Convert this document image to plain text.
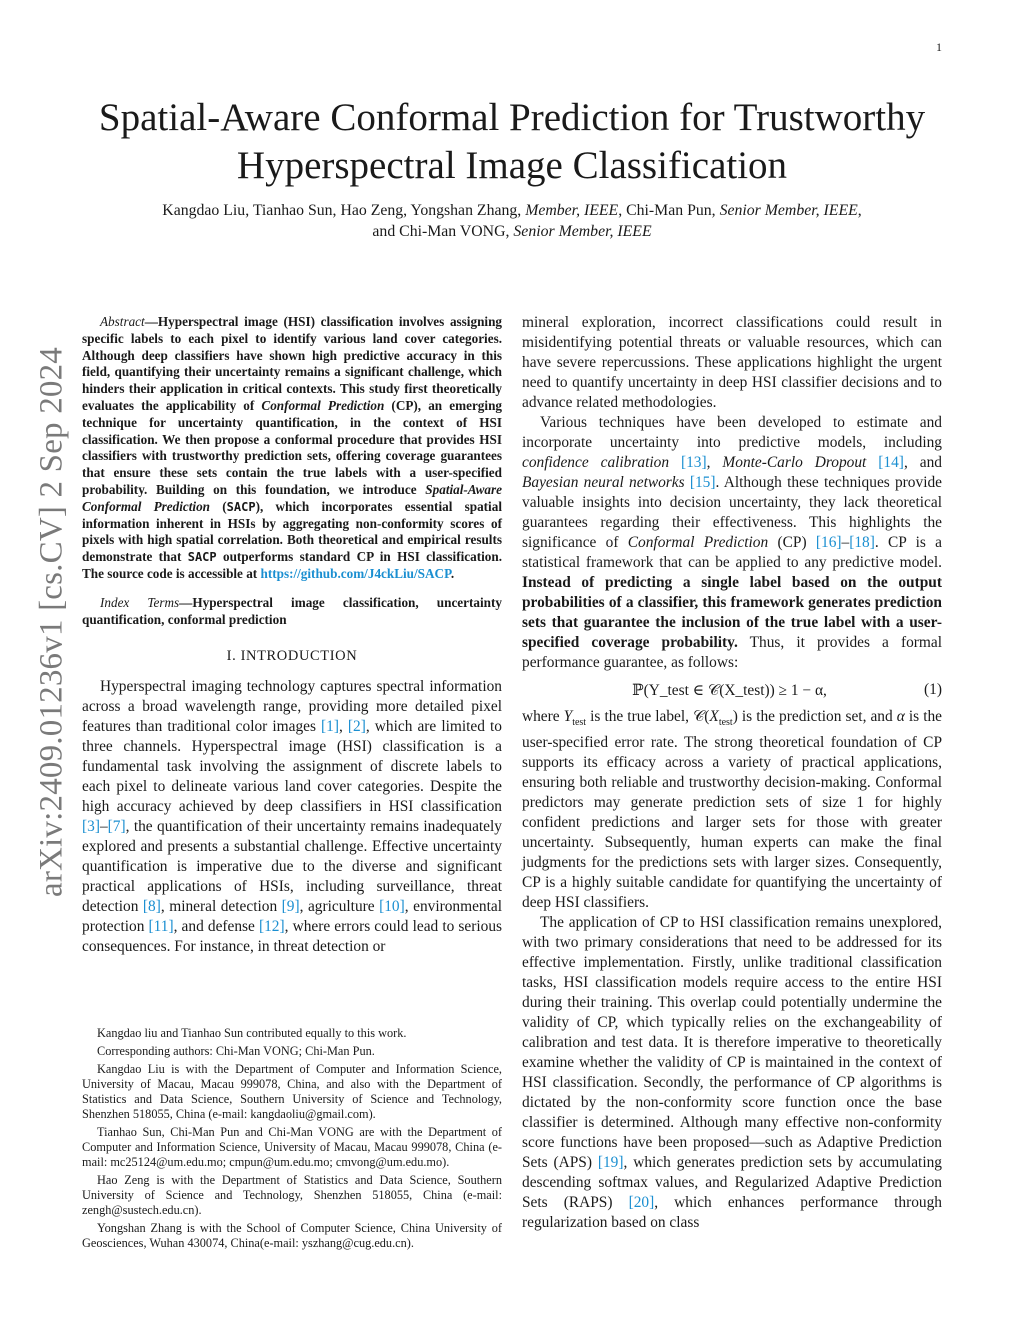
1
arXiv:2409.01236v1 [cs.CV] 2 Sep 2024
Spatial-Aware Conformal Prediction for Trustworthy
Hyperspectral Image Classification
Kangdao Liu, Tianhao Sun, Hao Zeng, Yongshan Zhang, Member, IEEE, Chi-Man Pun, Senior Member, IEEE,
and Chi-Man VONG, Senior Member, IEEE

Abstract—Hyperspectral image (HSI) classification involves assigning specific labels to each pixel to identify various land cover categories. Although deep classifiers have shown high predictive accuracy in this field, quantifying their uncertainty remains a significant challenge, which hinders their application in critical contexts. This study first theoretically evaluates the applicability of Conformal Prediction (CP), an emerging technique for uncertainty quantification, in the context of HSI classification. We then propose a conformal procedure that provides HSI classifiers with trustworthy prediction sets, offering coverage guarantees that ensure these sets contain the true labels with a user-specified probability. Building on this foundation, we introduce Spatial-Aware Conformal Prediction (SACP), which incorporates essential spatial information inherent in HSIs by aggregating non-conformity scores of pixels with high spatial correlation. Both theoretical and empirical results demonstrate that SACP outperforms standard CP in HSI classification. The source code is accessible at https://github.com/J4ckLiu/SACP.

Index Terms—Hyperspectral image classification, uncertainty quantification, conformal prediction

I. INTRODUCTION

Hyperspectral imaging technology captures spectral information across a broad wavelength range, providing more detailed pixel features than traditional color images [1], [2], which are limited to three channels. Hyperspectral image (HSI) classification is a fundamental task involving the assignment of discrete labels to each pixel to delineate various land cover categories. Despite the high accuracy achieved by deep classifiers in HSI classification [3]–[7], the quantification of their uncertainty remains inadequately explored and presents a substantial challenge. Effective uncertainty quantification is imperative due to the diverse and significant practical applications of HSIs, including surveillance, threat detection [8], mineral detection [9], agriculture [10], environmental protection [11], and defense [12], where errors could lead to serious consequences. For instance, in threat detection or

Kangdao liu and Tianhao Sun contributed equally to this work.

Corresponding authors: Chi-Man VONG; Chi-Man Pun.

Kangdao Liu is with the Department of Computer and Information Science, University of Macau, Macau 999078, China, and also with the Department of Statistics and Data Science, Southern University of Science and Technology, Shenzhen 518055, China (e-mail: kangdaoliu@gmail.com).

Tianhao Sun, Chi-Man Pun and Chi-Man VONG are with the Department of Computer and Information Science, University of Macau, Macau 999078, China (e-mail: mc25124@um.edu.mo; cmpun@um.edu.mo; cmvong@um.edu.mo).

Hao Zeng is with the Department of Statistics and Data Science, Southern University of Science and Technology, Shenzhen 518055, China (e-mail: zengh@sustech.edu.cn).

Yongshan Zhang is with the School of Computer Science, China University of Geosciences, Wuhan 430074, China(e-mail: yszhang@cug.edu.cn).

mineral exploration, incorrect classifications could result in misidentifying potential threats or valuable resources, which can have severe repercussions. These applications highlight the urgent need to quantify uncertainty in deep HSI classifier decisions and to advance related methodologies.

Various techniques have been developed to estimate and incorporate uncertainty into predictive models, including confidence calibration [13], Monte-Carlo Dropout [14], and Bayesian neural networks [15]. Although these techniques provide valuable insights into decision uncertainty, they lack theoretical guarantees regarding their effectiveness. This highlights the significance of Conformal Prediction (CP) [16]–[18]. CP is a statistical framework that can be applied to any predictive model. Instead of predicting a single label based on the output probabilities of a classifier, this framework generates prediction sets that guarantee the inclusion of the true label with a user-specified coverage probability. Thus, it provides a formal performance guarantee, as follows:

ℙ(Y_test ∈ 𝒞(X_test)) ≥ 1 − α,	(1)

where $Y_{test}$ is the true label, $𝒞(X_{test})$ is the prediction set, and α is the user-specified error rate. The strong theoretical foundation of CP supports its efficacy across a variety of practical applications, ensuring both reliable and trustworthy decision-making. Conformal predictors may generate prediction sets of size 1 for highly confident predictions and larger sets for those with greater uncertainty. Subsequently, human experts can make the final judgments for the predictions sets with larger sizes. Consequently, CP is a highly suitable candidate for quantifying the uncertainty of deep HSI classifiers.

The application of CP to HSI classification remains unexplored, with two primary considerations that need to be addressed for its effective implementation. Firstly, unlike traditional classification tasks, HSI classification models require access to the entire HSI during their training. This overlap could potentially undermine the validity of CP, which typically relies on the exchangeability of calibration and test data. It is therefore imperative to theoretically examine whether the validity of CP is maintained in the context of HSI classification. Secondly, the performance of CP algorithms is dictated by the non-conformity score function once the base classifier is determined. Although many effective non-conformity score functions have been proposed—such as Adaptive Prediction Sets (APS) [19], which generates prediction sets by accumulating descending softmax values, and Regularized Adaptive Prediction Sets (RAPS) [20], which enhances performance through regularization based on class
